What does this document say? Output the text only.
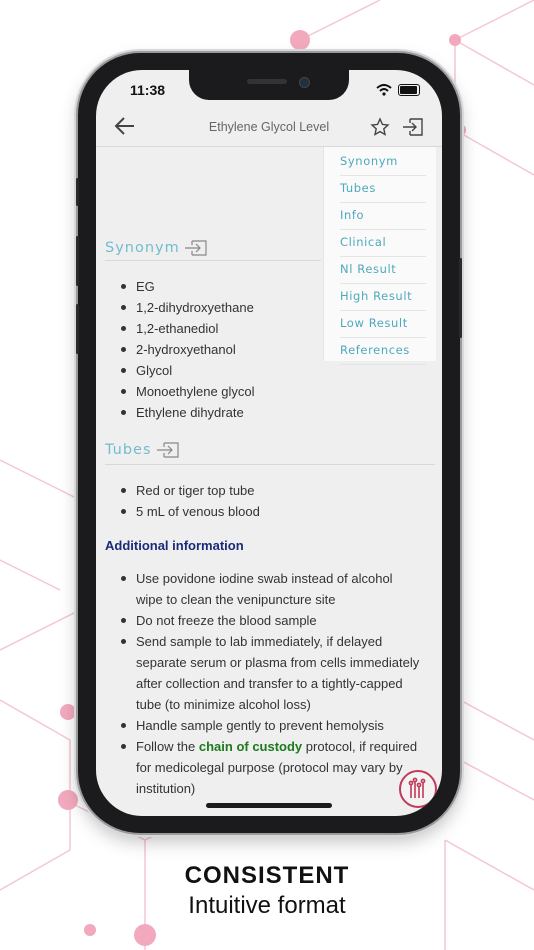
11:38
Ethylene Glycol Level
Synonym
EG
1,2-dihydroxyethane
1,2-ethanediol
2-hydroxyethanol
Glycol
Monoethylene glycol
Ethylene dihydrate
Tubes
Red or tiger top tube
5 mL of venous blood
Additional information
Use povidone iodine swab instead of alcohol
wipe to clean the venipuncture site
Do not freeze the blood sample
Send sample to lab immediately, if delayed
separate serum or plasma from cells immediately
after collection and transfer to a tightly-capped
tube (to minimize alcohol loss)
Handle sample gently to prevent hemolysis
Follow the chain of custody protocol, if required
for medicolegal purpose (protocol may vary by
institution)
Synonym
Tubes
Info
Clinical
Nl Result
High Result
Low Result
References
CONSISTENT
Intuitive format
